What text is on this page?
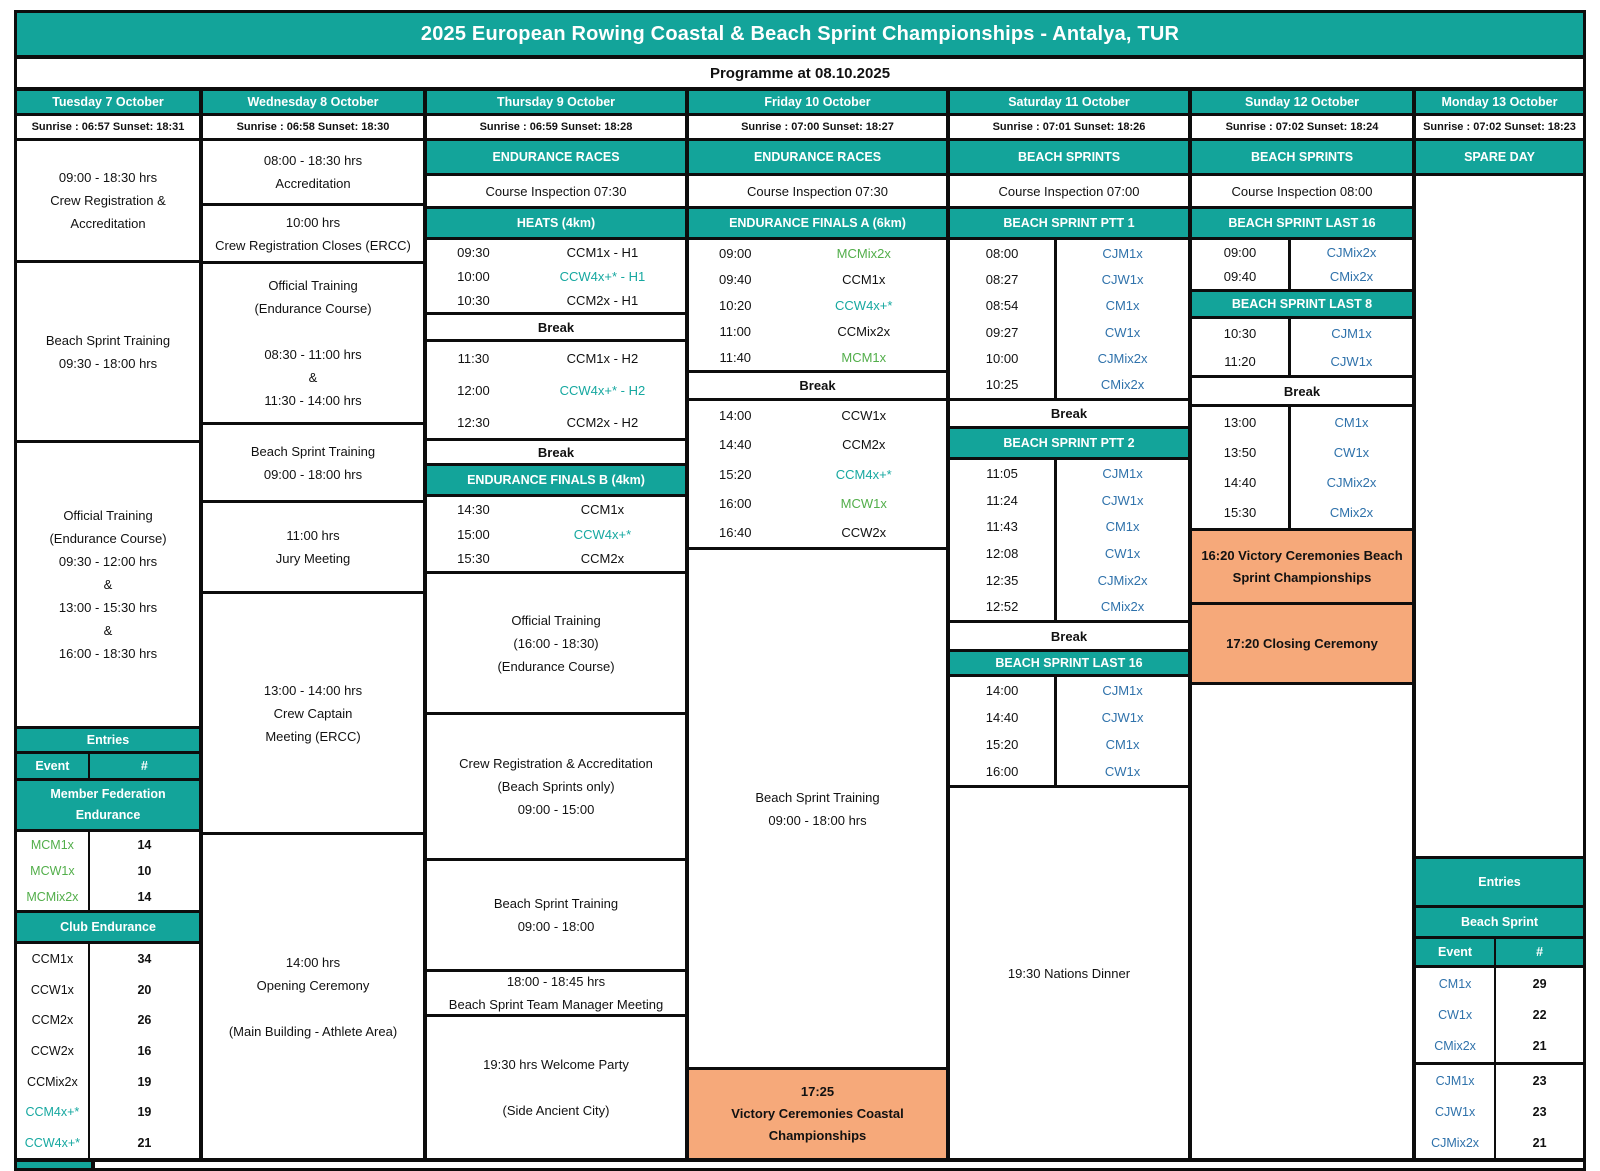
2025 European Rowing Coastal & Beach Sprint Championships - Antalya, TUR
Programme at 08.10.2025
Tuesday 7 October
Sunrise : 06:57 Sunset: 18:31
09:00 - 18:30 hrs
Crew Registration &
Accreditation
Beach Sprint Training
09:30 - 18:00 hrs
Official Training
(Endurance Course)
09:30 - 12:00 hrs
&
13:00 - 15:30 hrs
&
16:00 - 18:30 hrs
Entries
Event	#
Member Federation
Endurance
MCM1x	14
MCW1x	10
MCMix2x	14
Club Endurance
CCM1x	34
CCW1x	20
CCM2x	26
CCW2x	16
CCMix2x	19
CCM4x+*	19
CCW4x+*	21
Wednesday 8 October
Sunrise : 06:58 Sunset: 18:30
08:00 - 18:30 hrs
Accreditation
10:00 hrs
Crew Registration Closes (ERCC)
Official Training
(Endurance Course)
08:30 - 11:00 hrs
&
11:30 - 14:00 hrs
Beach Sprint Training
09:00 - 18:00 hrs
11:00 hrs
Jury Meeting
13:00 - 14:00 hrs
Crew Captain
Meeting (ERCC)
14:00 hrs
Opening Ceremony
(Main Building - Athlete Area)
Thursday 9 October
Sunrise : 06:59 Sunset: 18:28
ENDURANCE RACES
Course Inspection 07:30
HEATS (4km)
09:30	CCM1x - H1
10:00	CCW4x+* - H1
10:30	CCM2x - H1
Break
11:30	CCM1x - H2
12:00	CCW4x+* - H2
12:30	CCM2x - H2
Break
ENDURANCE FINALS B (4km)
14:30	CCM1x
15:00	CCW4x+*
15:30	CCM2x
Official Training
(16:00 - 18:30)
(Endurance Course)
Crew Registration & Accreditation
(Beach Sprints only)
09:00 - 15:00
Beach Sprint Training
09:00 - 18:00
18:00 - 18:45 hrs
Beach Sprint Team Manager Meeting
19:30 hrs Welcome Party
(Side Ancient City)
Friday 10 October
Sunrise : 07:00 Sunset: 18:27
ENDURANCE RACES
Course Inspection 07:30
ENDURANCE FINALS A (6km)
09:00	MCMix2x
09:40	CCM1x
10:20	CCW4x+*
11:00	CCMix2x
11:40	MCM1x
Break
14:00	CCW1x
14:40	CCM2x
15:20	CCM4x+*
16:00	MCW1x
16:40	CCW2x
Beach Sprint Training
09:00 - 18:00 hrs
17:25
Victory Ceremonies Coastal
Championships
Saturday 11 October
Sunrise : 07:01 Sunset: 18:26
BEACH SPRINTS
Course Inspection 07:00
BEACH SPRINT PTT 1
08:00	CJM1x
08:27	CJW1x
08:54	CM1x
09:27	CW1x
10:00	CJMix2x
10:25	CMix2x
Break
BEACH SPRINT PTT 2
11:05	CJM1x
11:24	CJW1x
11:43	CM1x
12:08	CW1x
12:35	CJMix2x
12:52	CMix2x
Break
BEACH SPRINT LAST 16
14:00	CJM1x
14:40	CJW1x
15:20	CM1x
16:00	CW1x
19:30 Nations Dinner
Sunday 12 October
Sunrise : 07:02 Sunset: 18:24
BEACH SPRINTS
Course Inspection 08:00
BEACH SPRINT LAST 16
09:00	CJMix2x
09:40	CMix2x
BEACH SPRINT LAST 8
10:30	CJM1x
11:20	CJW1x
Break
13:00	CM1x
13:50	CW1x
14:40	CJMix2x
15:30	CMix2x
16:20 Victory Ceremonies Beach
Sprint Championships
17:20 Closing Ceremony
Monday 13 October
Sunrise : 07:02 Sunset: 18:23
SPARE DAY
Entries
Beach Sprint
Event	#
CM1x	29
CW1x	22
CMix2x	21
CJM1x	23
CJW1x	23
CJMix2x	21
